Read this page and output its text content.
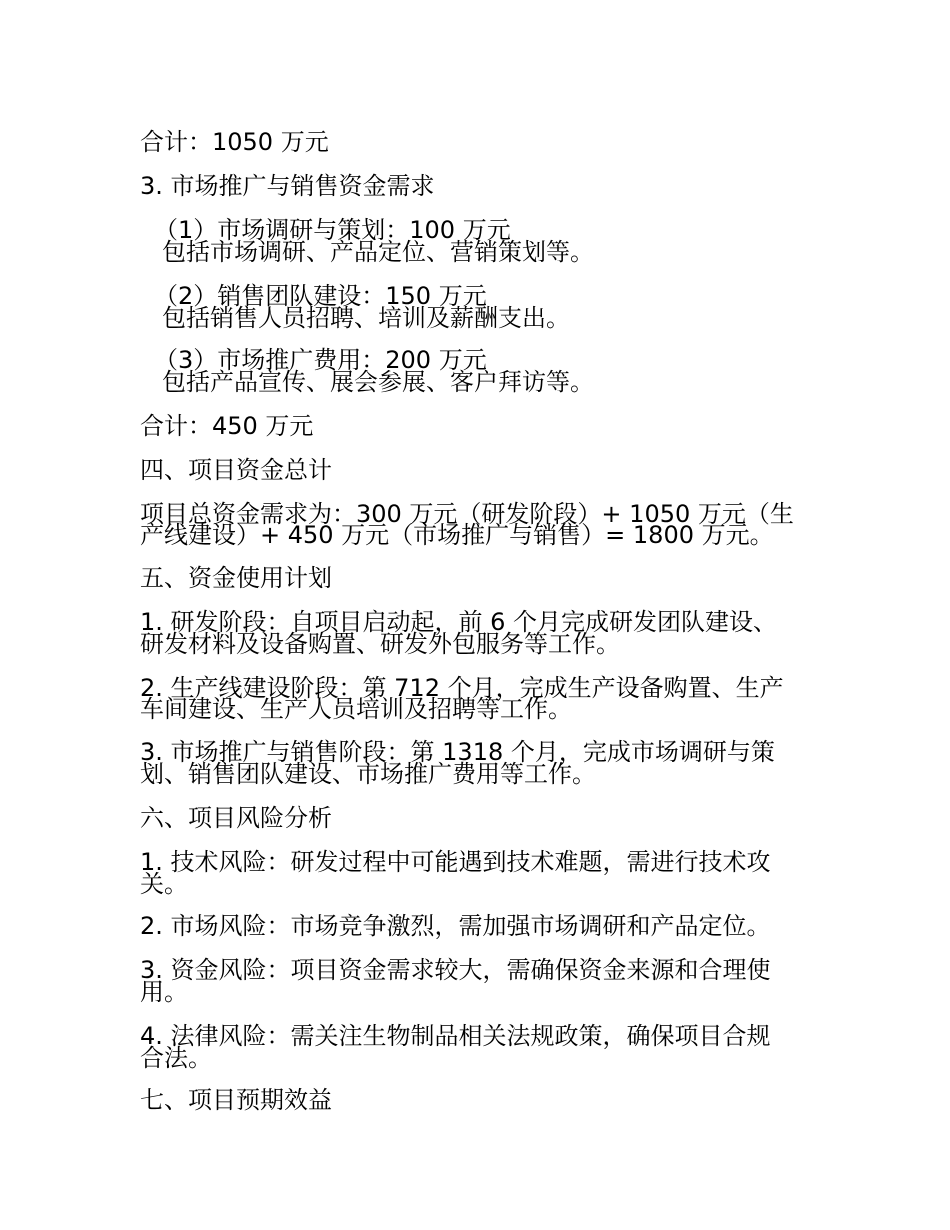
合计：1050 万元

3. 市场推广与销售资金需求

（1）市场调研与策划：100 万元

包括市场调研、产品定位、营销策划等。

（2）销售团队建设：150 万元

包括销售人员招聘、培训及薪酬支出。

（3）市场推广费用：200 万元

包括产品宣传、展会参展、客户拜访等。

合计：450 万元

四、项目资金总计

项目总资金需求为：300 万元（研发阶段）+ 1050 万元（生

产线建设）+ 450 万元（市场推广与销售）= 1800 万元。

五、资金使用计划

1. 研发阶段：自项目启动起，前 6 个月完成研发团队建设、

研发材料及设备购置、研发外包服务等工作。

2. 生产线建设阶段：第 712 个月，完成生产设备购置、生产

车间建设、生产人员培训及招聘等工作。

3. 市场推广与销售阶段：第 1318 个月，完成市场调研与策

划、销售团队建设、市场推广费用等工作。

六、项目风险分析

1. 技术风险：研发过程中可能遇到技术难题，需进行技术攻

关。

2. 市场风险：市场竞争激烈，需加强市场调研和产品定位。

3. 资金风险：项目资金需求较大，需确保资金来源和合理使

用。

4. 法律风险：需关注生物制品相关法规政策，确保项目合规

合法。

七、项目预期效益
